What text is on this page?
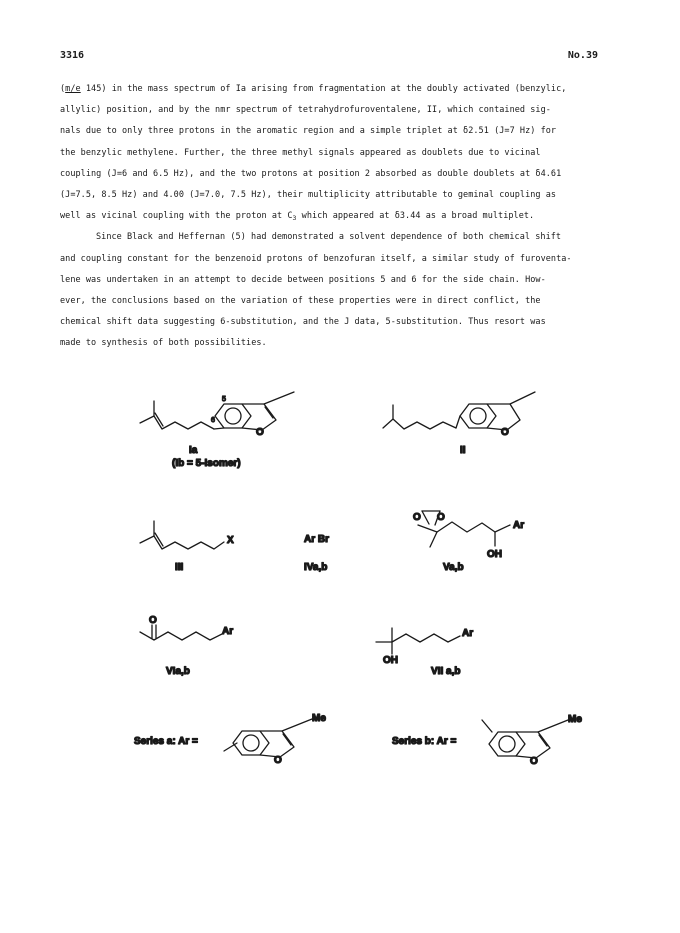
3316	No.39
(m/e 145) in the mass spectrum of Ia arising from fragmentation at the doubly activated (benzylic,
allylic) position, and by the nmr spectrum of tetrahydrofuroventalene, II, which contained sig-
nals due to only three protons in the aromatic region and a simple triplet at δ2.51 (J=7 Hz) for
the benzylic methylene. Further, the three methyl signals appeared as doublets due to vicinal
coupling (J=6 and 6.5 Hz), and the two protons at position 2 absorbed as double doublets at δ4.61
(J=7.5, 8.5 Hz) and 4.00 (J=7.0, 7.5 Hz), their multiplicity attributable to geminal coupling as
well as vicinal coupling with the proton at $C_3$ which appeared at δ3.44 as a broad multiplet.
Since Black and Heffernan (5) had demonstrated a solvent dependence of both chemical shift
and coupling constant for the benzenoid protons of benzofuran itself, a similar study of furoventa-
lene was undertaken in an attempt to decide between positions 5 and 6 for the side chain. How-
ever, the conclusions based on the variation of these properties were in direct conflict, the
chemical shift data suggesting 6-substitution, and the J data, 5-substitution. Thus resort was
made to synthesis of both possibilities.
5
6
O
Ia
(Ib = 5-Isomer)
O
II
X
III
Ar Br
IVa,b
O O
Ar
OH
Va,b
O
Ar
VIa,b
Ar
OH
VII a,b
Series a: Ar =
O
Me
Series b: Ar =
O
Me
